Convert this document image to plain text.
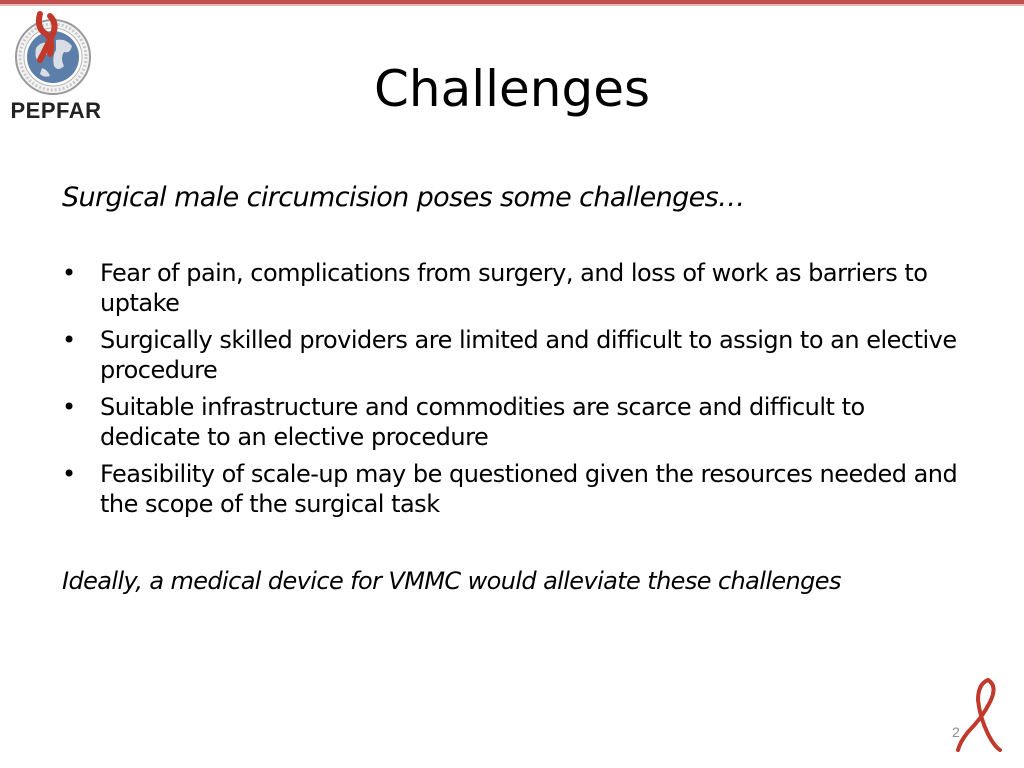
PEPFAR	Challenges
Surgical male circumcision poses some challenges…
• Fear of pain, complications from surgery, and loss of work as barriers to uptake
• Surgically skilled providers are limited and difficult to assign to an elective procedure
• Suitable infrastructure and commodities are scarce and difficult to dedicate to an elective procedure
• Feasibility of scale-up may be questioned given the resources needed and the scope of the surgical task
Ideally, a medical device for VMMC would alleviate these challenges
2
